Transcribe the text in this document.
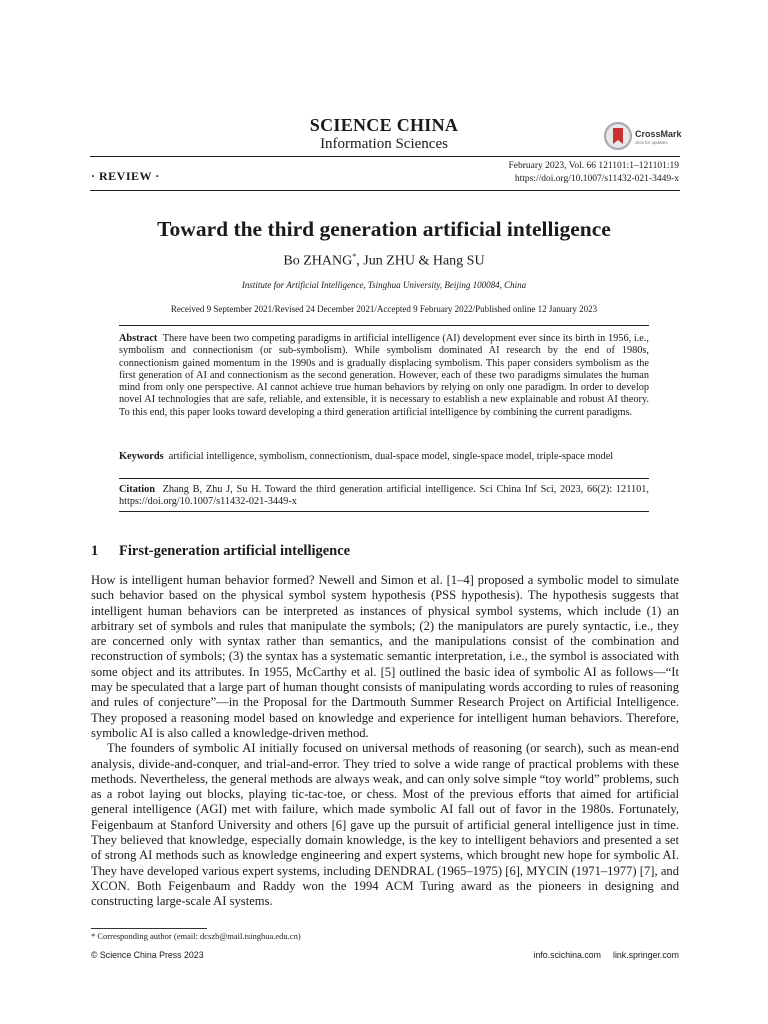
SCIENCE CHINA
Information Sciences
CrossMark
click for updates
· REVIEW ·
February 2023, Vol. 66 121101:1–121101:19
https://doi.org/10.1007/s11432-021-3449-x
Toward the third generation artificial intelligence
Bo ZHANG*, Jun ZHU & Hang SU
Institute for Artificial Intelligence, Tsinghua University, Beijing 100084, China
Received 9 September 2021/Revised 24 December 2021/Accepted 9 February 2022/Published online 12 January 2023
Abstract There have been two competing paradigms in artificial intelligence (AI) development ever since its birth in 1956, i.e., symbolism and connectionism (or sub-symbolism). While symbolism dominated AI research by the end of 1980s, connectionism gained momentum in the 1990s and is gradually displacing symbolism. This paper considers symbolism as the first generation of AI and connectionism as the second generation. However, each of these two paradigms simulates the human mind from only one perspective. AI cannot achieve true human behaviors by relying on only one paradigm. In order to develop novel AI technologies that are safe, reliable, and extensible, it is necessary to establish a new explainable and robust AI theory. To this end, this paper looks toward developing a third generation artificial intelligence by combining the current paradigms.
Keywords artificial intelligence, symbolism, connectionism, dual-space model, single-space model, triple-space model
Citation Zhang B, Zhu J, Su H. Toward the third generation artificial intelligence. Sci China Inf Sci, 2023, 66(2): 121101, https://doi.org/10.1007/s11432-021-3449-x
1 First-generation artificial intelligence

How is intelligent human behavior formed? Newell and Simon et al. [1–4] proposed a symbolic model to simulate such behavior based on the physical symbol system hypothesis (PSS hypothesis). The hypothesis suggests that intelligent human behaviors can be interpreted as instances of physical symbol systems, which include (1) an arbitrary set of symbols and rules that manipulate the symbols; (2) the manipulators are purely syntactic, i.e., they are concerned only with syntax rather than semantics, and the manipulations consist of the combination and reconstruction of symbols; (3) the syntax has a systematic semantic interpretation, i.e., the symbol is associated with some object and its attributes. In 1955, McCarthy et al. [5] outlined the basic idea of symbolic AI as follows—“It may be speculated that a large part of human thought consists of manipulating words according to rules of reasoning and rules of conjecture”—in the Proposal for the Dartmouth Summer Research Project on Artificial Intelligence. They proposed a reasoning model based on knowledge and experience for intelligent human behaviors. Therefore, symbolic AI is also called a knowledge-driven method.

The founders of symbolic AI initially focused on universal methods of reasoning (or search), such as mean-end analysis, divide-and-conquer, and trial-and-error. They tried to solve a wide range of practical problems with these methods. Nevertheless, the general methods are always weak, and can only solve simple “toy world” problems, such as a robot laying out blocks, playing tic-tac-toe, or chess. Most of the previous efforts that aimed for artificial general intelligence (AGI) met with failure, which made symbolic AI fall out of favor in the 1980s. Fortunately, Feigenbaum at Stanford University and others [6] gave up the pursuit of artificial general intelligence just in time. They believed that knowledge, especially domain knowledge, is the key to intelligent behaviors and presented a set of strong AI methods such as knowledge engineering and expert systems, which brought new hope for symbolic AI. They have developed various expert systems, including DENDRAL (1965–1975) [6], MYCIN (1971–1977) [7], and XCON. Both Feigenbaum and Raddy won the 1994 ACM Turing award as the pioneers in designing and constructing large-scale AI systems.

* Corresponding author (email: dcszb@mail.tsinghua.edu.cn)
© Science China Press 2023	info.scichina.com link.springer.com
